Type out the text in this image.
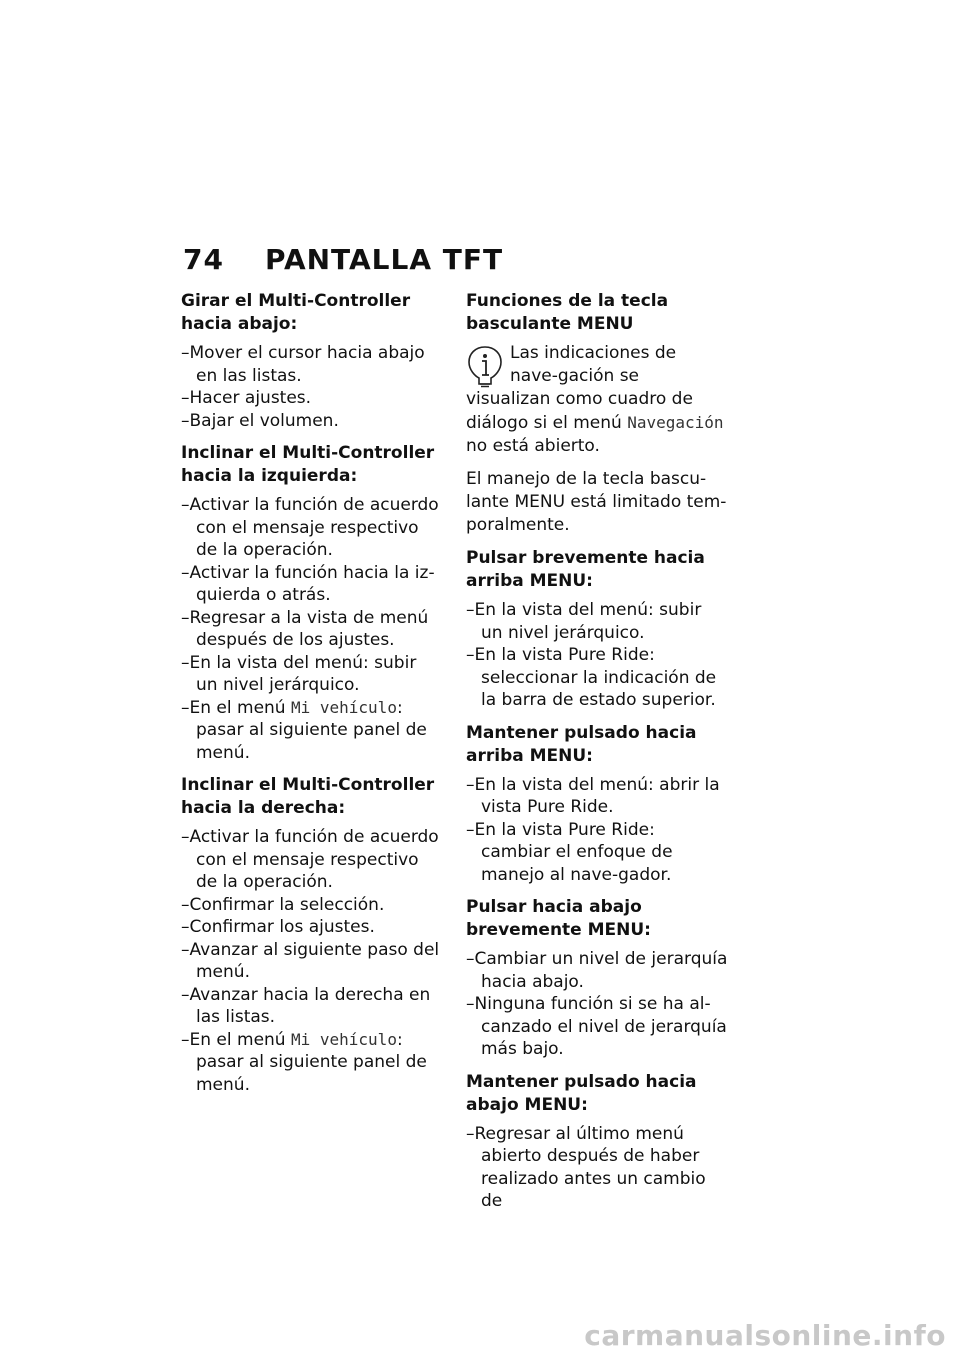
74 PANTALLA TFT

Girar el Multi-Controller hacia abajo:

–Mover el cursor hacia abajo en las listas.

–Hacer ajustes.

–Bajar el volumen.

Inclinar el Multi-Controller hacia la izquierda:

–Activar la función de acuerdo con el mensaje respectivo de la operación.

–Activar la función hacia la iz-quierda o atrás.

–Regresar a la vista de menú después de los ajustes.

–En la vista del menú: subir un nivel jerárquico.

–En el menú Mi vehículo: pasar al siguiente panel de menú.

Inclinar el Multi-Controller hacia la derecha:

–Activar la función de acuerdo con el mensaje respectivo de la operación.

–Confirmar la selección.

–Confirmar los ajustes.

–Avanzar al siguiente paso del menú.

–Avanzar hacia la derecha en las listas.

–En el menú Mi vehículo: pasar al siguiente panel de menú.

Funciones de la tecla basculante MENU

Las indicaciones de nave-gación se visualizan como cuadro de diálogo si el menú Navegación no está abierto.

El manejo de la tecla bascu-lante MENU está limitado tem-poralmente.

Pulsar brevemente hacia arriba MENU:

–En la vista del menú: subir un nivel jerárquico.

–En la vista Pure Ride: seleccionar la indicación de la barra de estado superior.

Mantener pulsado hacia arriba MENU:

–En la vista del menú: abrir la vista Pure Ride.

–En la vista Pure Ride: cambiar el enfoque de manejo al nave-gador.

Pulsar hacia abajo brevemente MENU:

–Cambiar un nivel de jerarquía hacia abajo.

–Ninguna función si se ha al-canzado el nivel de jerarquía más bajo.

Mantener pulsado hacia abajo MENU:

–Regresar al último menú abierto después de haber realizado antes un cambio de

carmanualsonline.info
